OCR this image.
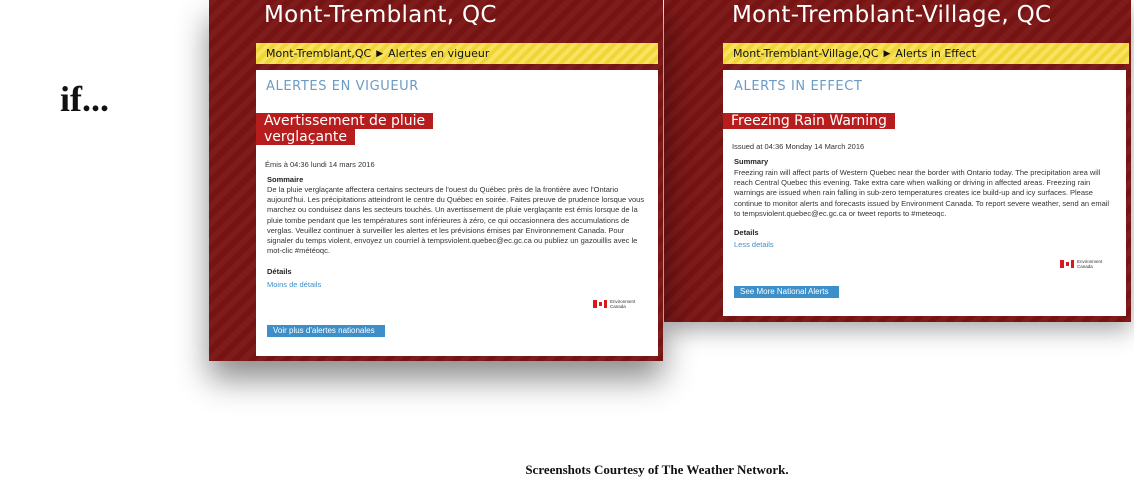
if...
Mont-Tremblant, QC
Mont-Tremblant,QC ▶ Alertes en vigueur
ALERTES EN VIGUEUR
Avertissement de pluie
verglaçante
Émis à 04:36 lundi 14 mars 2016
Sommaire
De la pluie verglaçante affectera certains secteurs de l'ouest du Québec près de la frontière avec l'Ontario aujourd'hui. Les précipitations atteindront le centre du Québec en soirée. Faites preuve de prudence lorsque vous marchez ou conduisez dans les secteurs touchés. Un avertissement de pluie verglaçante est émis lorsque de la pluie tombe pendant que les températures sont inférieures à zéro, ce qui occasionnera des accumulations de verglas. Veuillez continuer à surveiller les alertes et les prévisions émises par Environnement Canada. Pour signaler du temps violent, envoyez un courriel à tempsviolent.quebec@ec.gc.ca ou publiez un gazouillis avec le mot-clic #météoqc.
Détails
Moins de détails
Environment
Canada
Voir plus d'alertes nationales
Mont-Tremblant-Village, QC
Mont-Tremblant-Village,QC ▶ Alerts in Effect
ALERTS IN EFFECT
Freezing Rain Warning
Issued at 04:36 Monday 14 March 2016
Summary
Freezing rain will affect parts of Western Quebec near the border with Ontario today. The precipitation area will reach Central Quebec this evening. Take extra care when walking or driving in affected areas. Freezing rain warnings are issued when rain falling in sub-zero temperatures creates ice build-up and icy surfaces. Please continue to monitor alerts and forecasts issued by Environment Canada. To report severe weather, send an email to tempsviolent.quebec@ec.gc.ca or tweet reports to #meteoqc.
Details
Less details
Environment
Canada
See More National Alerts
Screenshots Courtesy of The Weather Network.
